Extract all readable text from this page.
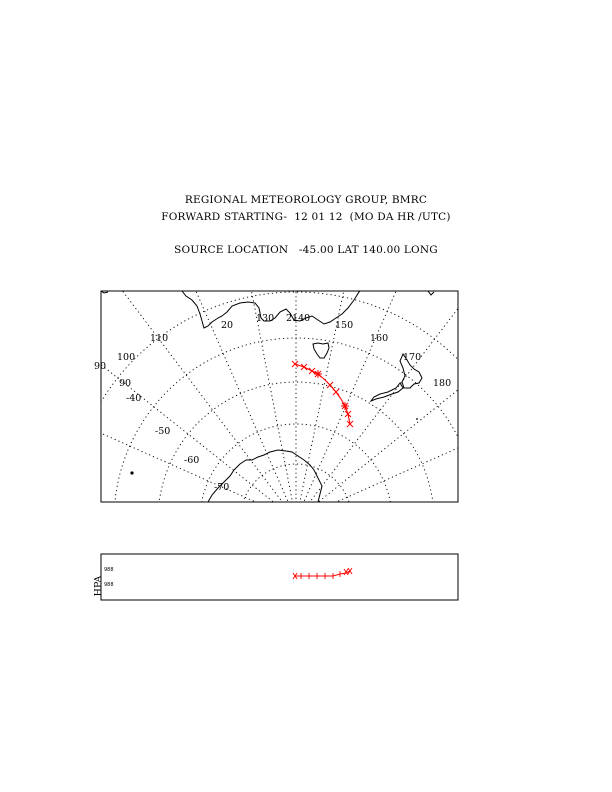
REGIONAL METEOROLOGY GROUP, BMRC
FORWARD STARTING-  12 01 12  (MO DA HR /UTC)
SOURCE LOCATION   -45.00 LAT 140.00 LONG
20
110
100
90
90
130 2140
150
160
170
180
-40
-50
-60
-70
HPA
988
988
